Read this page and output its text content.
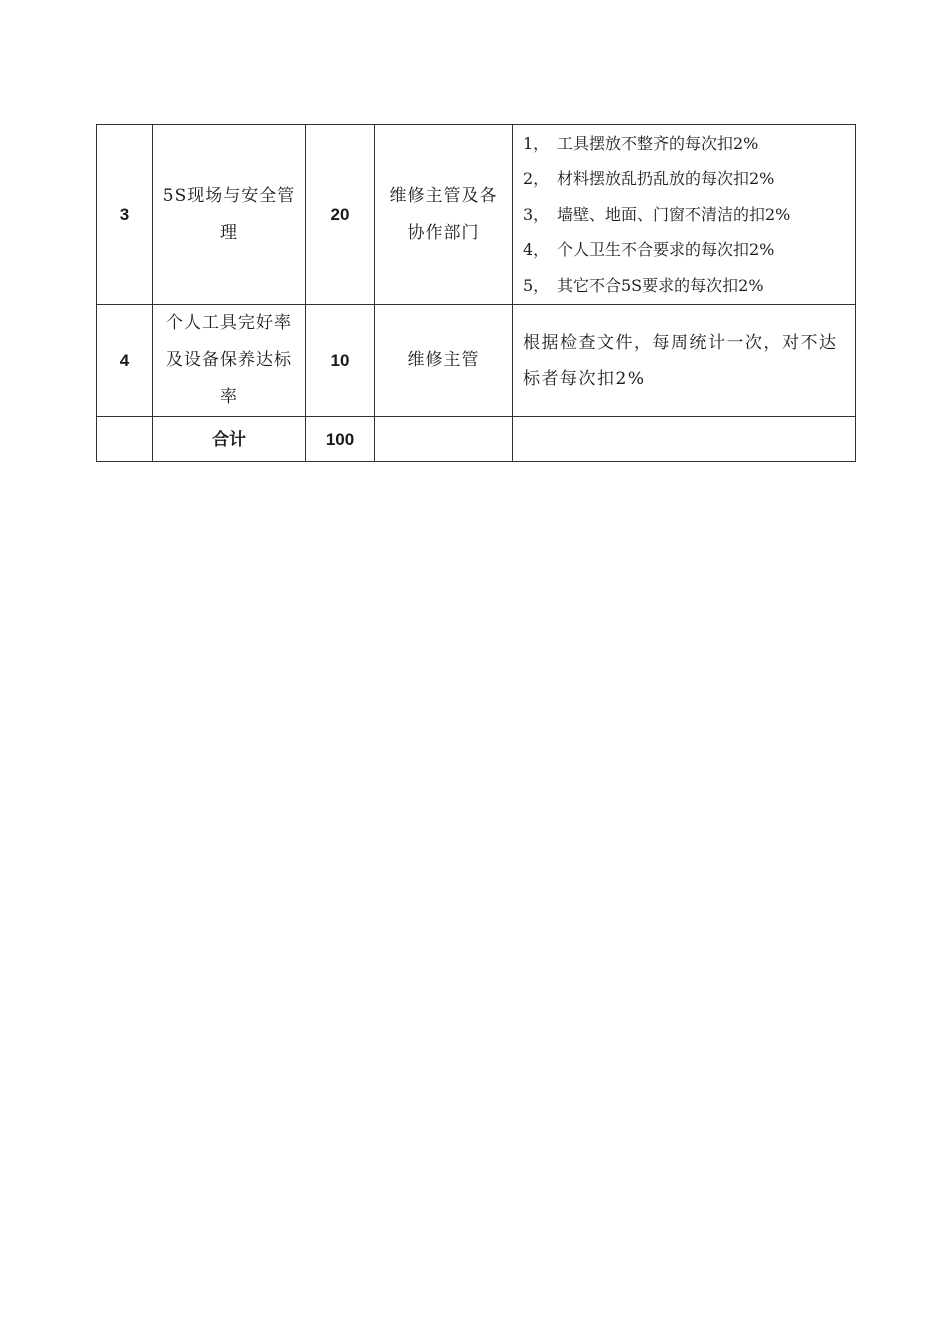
3	5S现场与安全管理	20	维修主管及各协作部门	1， 工具摆放不整齐的每次扣2%
2， 材料摆放乱扔乱放的每次扣2%
3， 墙壁、地面、门窗不清洁的扣2%
4， 个人卫生不合要求的每次扣2%
5， 其它不合5S要求的每次扣2%

4	个人工具完好率及设备保养达标率	10	维修主管	根据检查文件，每周统计一次，对不达标者每次扣2%

	合计	100		
